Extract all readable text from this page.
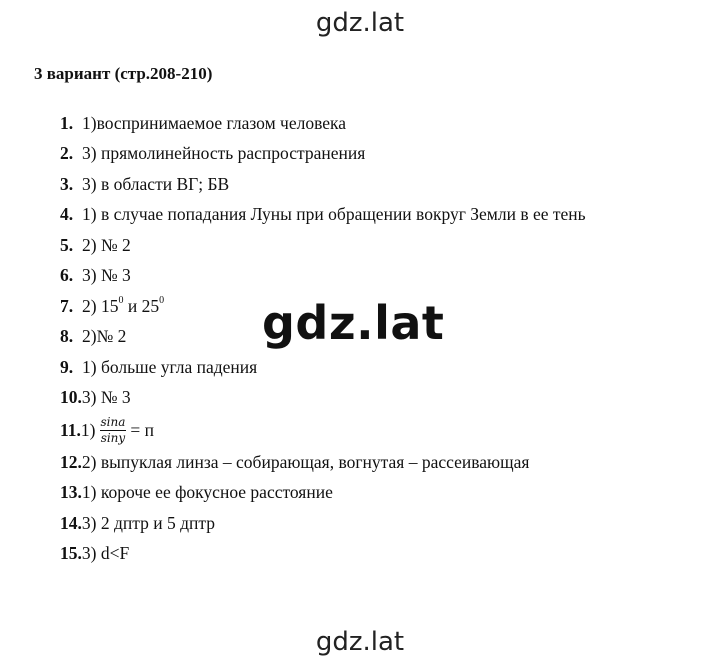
gdz.lat
3 вариант (стр.208-210)
1. 1)воспринимаемое глазом человека
2. 3) прямолинейность распространения
3. 3) в области ВГ; БВ
4. 1) в случае попадания Луны при обращении вокруг Земли в ее тень
5. 2) № 2
6. 3) № 3
7. 2) $15^0$ и $25^0$
8. 2)№ 2
9. 1) больше угла падения
10. 3) № 3
11. $1) \frac{\sin a}{\sin y} = п$
12. 2) выпуклая линза – собирающая, вогнутая – рассеивающая
13. 1) короче ее фокусное расстояние
14. 3) 2 дптр и 5 дптр
15. 3) d<F
gdz.lat
gdz.lat
